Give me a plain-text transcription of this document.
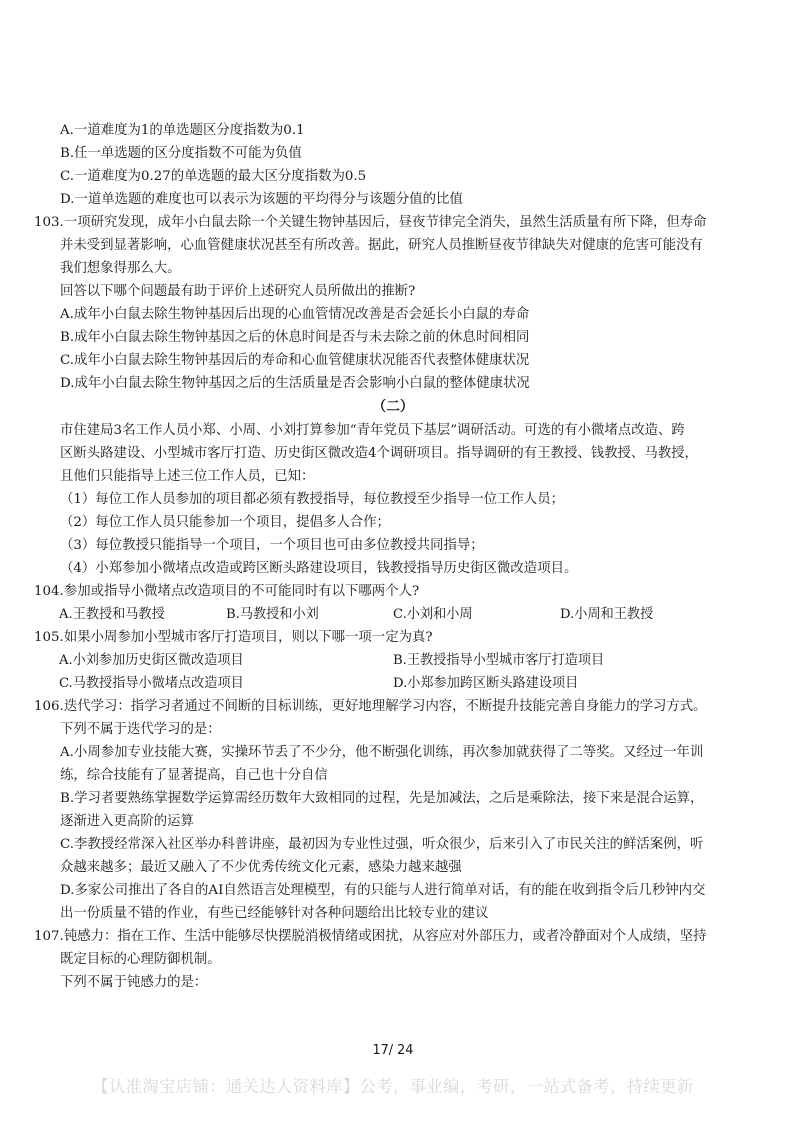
A.一道难度为1的单选题区分度指数为0.1
B.任一单选题的区分度指数不可能为负值
C.一道难度为0.27的单选题的最大区分度指数为0.5
D.一道单选题的难度也可以表示为该题的平均得分与该题分值的比值
103.一项研究发现，成年小白鼠去除一个关键生物钟基因后，昼夜节律完全消失，虽然生活质量有所下降，但寿命
并未受到显著影响，心血管健康状况甚至有所改善。据此，研究人员推断昼夜节律缺失对健康的危害可能没有
我们想象得那么大。
回答以下哪个问题最有助于评价上述研究人员所做出的推断?
A.成年小白鼠去除生物钟基因后出现的心血管情况改善是否会延长小白鼠的寿命
B.成年小白鼠去除生物钟基因之后的休息时间是否与未去除之前的休息时间相同
C.成年小白鼠去除生物钟基因后的寿命和心血管健康状况能否代表整体健康状况
D.成年小白鼠去除生物钟基因之后的生活质量是否会影响小白鼠的整体健康状况
（二）
市住建局3名工作人员小郑、小周、小刘打算参加“青年党员下基层”调研活动。可选的有小微堵点改造、跨
区断头路建设、小型城市客厅打造、历史街区微改造4个调研项目。指导调研的有王教授、钱教授、马教授，
且他们只能指导上述三位工作人员，已知：
（1）每位工作人员参加的项目都必须有教授指导，每位教授至少指导一位工作人员；
（2）每位工作人员只能参加一个项目，提倡多人合作；
（3）每位教授只能指导一个项目，一个项目也可由多位教授共同指导；
（4）小郑参加小微堵点改造或跨区断头路建设项目，钱教授指导历史街区微改造项目。
104.参加或指导小微堵点改造项目的不可能同时有以下哪两个人?
A.王教授和马教授	B.马教授和小刘	C.小刘和小周	D.小周和王教授
105.如果小周参加小型城市客厅打造项目，则以下哪一项一定为真?
A.小刘参加历史街区微改造项目	B.王教授指导小型城市客厅打造项目
C.马教授指导小微堵点改造项目	D.小郑参加跨区断头路建设项目
106.迭代学习：指学习者通过不间断的目标训练，更好地理解学习内容，不断提升技能完善自身能力的学习方式。
下列不属于迭代学习的是：
A.小周参加专业技能大赛，实操环节丢了不少分，他不断强化训练，再次参加就获得了二等奖。又经过一年训
练，综合技能有了显著提高，自己也十分自信
B.学习者要熟练掌握数学运算需经历数年大致相同的过程，先是加减法，之后是乘除法，接下来是混合运算，
逐渐进入更高阶的运算
C.李教授经常深入社区举办科普讲座，最初因为专业性过强，听众很少，后来引入了市民关注的鲜活案例，听
众越来越多；最近又融入了不少优秀传统文化元素，感染力越来越强
D.多家公司推出了各自的AI自然语言处理模型，有的只能与人进行简单对话，有的能在收到指令后几秒钟内交
出一份质量不错的作业，有些已经能够针对各种问题给出比较专业的建议
107.钝感力：指在工作、生活中能够尽快摆脱消极情绪或困扰，从容应对外部压力，或者冷静面对个人成绩，坚持
既定目标的心理防御机制。
下列不属于钝感力的是：
17/ 24
【认准淘宝店铺：通关达人资料库】公考，事业编，考研，一站式备考，持续更新
